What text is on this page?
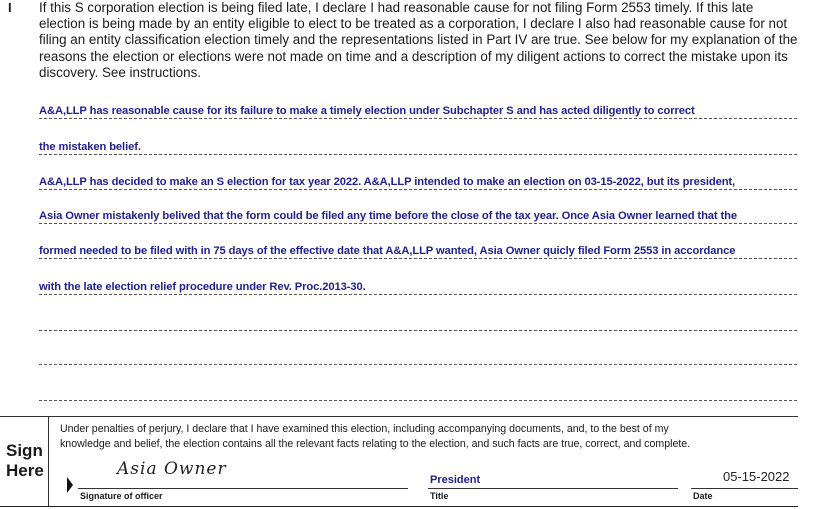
I If this S corporation election is being filed late, I declare I had reasonable cause for not filing Form 2553 timely. If this late
election is being made by an entity eligible to elect to be treated as a corporation, I declare I also had reasonable cause for not
filing an entity classification election timely and the representations listed in Part IV are true. See below for my explanation of the
reasons the election or elections were not made on time and a description of my diligent actions to correct the mistake upon its
discovery. See instructions.
A&A,LLP has reasonable cause for its failure to make a timely election under Subchapter S and has acted diligently to correct
the mistaken belief.
A&A,LLP has decided to make an S election for tax year 2022. A&A,LLP intended to make an election on 03-15-2022, but its president,
Asia Owner mistakenly belived that the form could be filed any time before the close of the tax year. Once Asia Owner learned that the
formed needed to be filed with in 75 days of the effective date that A&A,LLP wanted, Asia Owner quicly filed Form 2553 in accordance
with the late election relief procedure under Rev. Proc.2013-30.
Sign
Here
Under penalties of perjury, I declare that I have examined this election, including accompanying documents, and, to the best of my
knowledge and belief, the election contains all the relevant facts relating to the election, and such facts are true, correct, and complete.
Asia Owner
Signature of officer
President
Title
05-15-2022
Date
